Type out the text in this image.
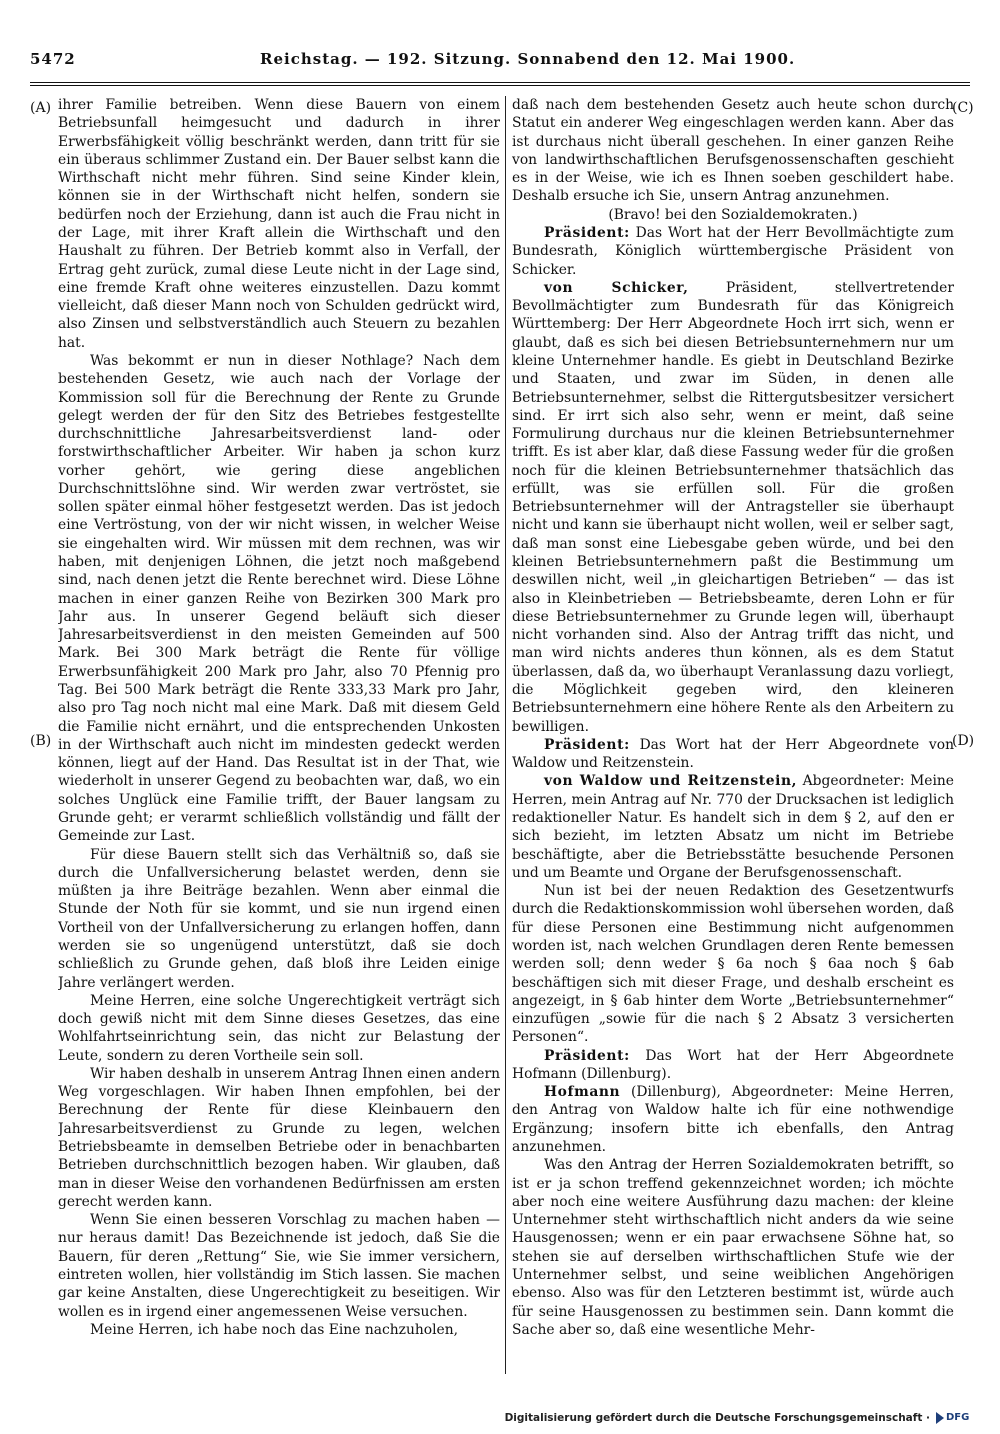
5472	Reichstag. — 192. Sitzung. Sonnabend den 12. Mai 1900.
(A)
(B)
(C)
(D)

ihrer Familie betreiben. Wenn diese Bauern von einem Betriebsunfall heimgesucht und dadurch in ihrer Erwerbsfähigkeit völlig beschränkt werden, dann tritt für sie ein überaus schlimmer Zustand ein. Der Bauer selbst kann die Wirthschaft nicht mehr führen. Sind seine Kinder klein, können sie in der Wirthschaft nicht helfen, sondern sie bedürfen noch der Erziehung, dann ist auch die Frau nicht in der Lage, mit ihrer Kraft allein die Wirthschaft und den Haushalt zu führen. Der Betrieb kommt also in Verfall, der Ertrag geht zurück, zumal diese Leute nicht in der Lage sind, eine fremde Kraft ohne weiteres einzustellen. Dazu kommt vielleicht, daß dieser Mann noch von Schulden gedrückt wird, also Zinsen und selbstverständlich auch Steuern zu bezahlen hat.

Was bekommt er nun in dieser Nothlage? Nach dem bestehenden Gesetz, wie auch nach der Vorlage der Kommission soll für die Berechnung der Rente zu Grunde gelegt werden der für den Sitz des Betriebes festgestellte durchschnittliche Jahresarbeitsverdienst land- oder forstwirthschaftlicher Arbeiter. Wir haben ja schon kurz vorher gehört, wie gering diese angeblichen Durchschnittslöhne sind. Wir werden zwar vertröstet, sie sollen später einmal höher festgesetzt werden. Das ist jedoch eine Vertröstung, von der wir nicht wissen, in welcher Weise sie eingehalten wird. Wir müssen mit dem rechnen, was wir haben, mit denjenigen Löhnen, die jetzt noch maßgebend sind, nach denen jetzt die Rente berechnet wird. Diese Löhne machen in einer ganzen Reihe von Bezirken 300 Mark pro Jahr aus. In unserer Gegend beläuft sich dieser Jahresarbeitsverdienst in den meisten Gemeinden auf 500 Mark. Bei 300 Mark beträgt die Rente für völlige Erwerbsunfähigkeit 200 Mark pro Jahr, also 70 Pfennig pro Tag. Bei 500 Mark beträgt die Rente 333,33 Mark pro Jahr, also pro Tag noch nicht mal eine Mark. Daß mit diesem Geld die Familie nicht ernährt, und die entsprechenden Unkosten in der Wirthschaft auch nicht im mindesten gedeckt werden können, liegt auf der Hand. Das Resultat ist in der That, wie wiederholt in unserer Gegend zu beobachten war, daß, wo ein solches Unglück eine Familie trifft, der Bauer langsam zu Grunde geht; er verarmt schließlich vollständig und fällt der Gemeinde zur Last.

Für diese Bauern stellt sich das Verhältniß so, daß sie durch die Unfallversicherung belastet werden, denn sie müßten ja ihre Beiträge bezahlen. Wenn aber einmal die Stunde der Noth für sie kommt, und sie nun irgend einen Vortheil von der Unfallversicherung zu erlangen hoffen, dann werden sie so ungenügend unterstützt, daß sie doch schließlich zu Grunde gehen, daß bloß ihre Leiden einige Jahre verlängert werden.

Meine Herren, eine solche Ungerechtigkeit verträgt sich doch gewiß nicht mit dem Sinne dieses Gesetzes, das eine Wohlfahrtseinrichtung sein, das nicht zur Belastung der Leute, sondern zu deren Vortheile sein soll.

Wir haben deshalb in unserem Antrag Ihnen einen andern Weg vorgeschlagen. Wir haben Ihnen empfohlen, bei der Berechnung der Rente für diese Kleinbauern den Jahresarbeitsverdienst zu Grunde zu legen, welchen Betriebsbeamte in demselben Betriebe oder in benachbarten Betrieben durchschnittlich bezogen haben. Wir glauben, daß man in dieser Weise den vorhandenen Bedürfnissen am ersten gerecht werden kann.

Wenn Sie einen besseren Vorschlag zu machen haben — nur heraus damit! Das Bezeichnende ist jedoch, daß Sie die Bauern, für deren „Rettung“ Sie, wie Sie immer versichern, eintreten wollen, hier vollständig im Stich lassen. Sie machen gar keine Anstalten, diese Ungerechtigkeit zu beseitigen. Wir wollen es in irgend einer angemessenen Weise versuchen.

Meine Herren, ich habe noch das Eine nachzuholen,

daß nach dem bestehenden Gesetz auch heute schon durch Statut ein anderer Weg eingeschlagen werden kann. Aber das ist durchaus nicht überall geschehen. In einer ganzen Reihe von landwirthschaftlichen Berufsgenossenschaften geschieht es in der Weise, wie ich es Ihnen soeben geschildert habe. Deshalb ersuche ich Sie, unsern Antrag anzunehmen.

(Bravo! bei den Sozialdemokraten.)

Präsident: Das Wort hat der Herr Bevollmächtigte zum Bundesrath, Königlich württembergische Präsident von Schicker.

von Schicker, Präsident, stellvertretender Bevollmächtigter zum Bundesrath für das Königreich Württemberg: Der Herr Abgeordnete Hoch irrt sich, wenn er glaubt, daß es sich bei diesen Betriebsunternehmern nur um kleine Unternehmer handle. Es giebt in Deutschland Bezirke und Staaten, und zwar im Süden, in denen alle Betriebsunternehmer, selbst die Rittergutsbesitzer versichert sind. Er irrt sich also sehr, wenn er meint, daß seine Formulirung durchaus nur die kleinen Betriebsunternehmer trifft. Es ist aber klar, daß diese Fassung weder für die großen noch für die kleinen Betriebsunternehmer thatsächlich das erfüllt, was sie erfüllen soll. Für die großen Betriebsunternehmer will der Antragsteller sie überhaupt nicht und kann sie überhaupt nicht wollen, weil er selber sagt, daß man sonst eine Liebesgabe geben würde, und bei den kleinen Betriebsunternehmern paßt die Bestimmung um deswillen nicht, weil „in gleichartigen Betrieben“ — das ist also in Kleinbetrieben — Betriebsbeamte, deren Lohn er für diese Betriebsunternehmer zu Grunde legen will, überhaupt nicht vorhanden sind. Also der Antrag trifft das nicht, und man wird nichts anderes thun können, als es dem Statut überlassen, daß da, wo überhaupt Veranlassung dazu vorliegt, die Möglichkeit gegeben wird, den kleineren Betriebsunternehmern eine höhere Rente als den Arbeitern zu bewilligen.

Präsident: Das Wort hat der Herr Abgeordnete von Waldow und Reitzenstein.

von Waldow und Reitzenstein, Abgeordneter: Meine Herren, mein Antrag auf Nr. 770 der Drucksachen ist lediglich redaktioneller Natur. Es handelt sich in dem § 2, auf den er sich bezieht, im letzten Absatz um nicht im Betriebe beschäftigte, aber die Betriebsstätte besuchende Personen und um Beamte und Organe der Berufsgenossenschaft.

Nun ist bei der neuen Redaktion des Gesetzentwurfs durch die Redaktionskommission wohl übersehen worden, daß für diese Personen eine Bestimmung nicht aufgenommen worden ist, nach welchen Grundlagen deren Rente bemessen werden soll; denn weder § 6a noch § 6aa noch § 6ab beschäftigen sich mit dieser Frage, und deshalb erscheint es angezeigt, in § 6ab hinter dem Worte „Betriebsunternehmer“ einzufügen „sowie für die nach § 2 Absatz 3 versicherten Personen“.

Präsident: Das Wort hat der Herr Abgeordnete Hofmann (Dillenburg).

Hofmann (Dillenburg), Abgeordneter: Meine Herren, den Antrag von Waldow halte ich für eine nothwendige Ergänzung; insofern bitte ich ebenfalls, den Antrag anzunehmen.

Was den Antrag der Herren Sozialdemokraten betrifft, so ist er ja schon treffend gekennzeichnet worden; ich möchte aber noch eine weitere Ausführung dazu machen: der kleine Unternehmer steht wirthschaftlich nicht anders da wie seine Hausgenossen; wenn er ein paar erwachsene Söhne hat, so stehen sie auf derselben wirthschaftlichen Stufe wie der Unternehmer selbst, und seine weiblichen Angehörigen ebenso. Also was für den Letzteren bestimmt ist, würde auch für seine Hausgenossen zu bestimmen sein. Dann kommt die Sache aber so, daß eine wesentliche Mehr-

Digitalisierung gefördert durch die Deutsche Forschungsgemeinschaft · DFG
